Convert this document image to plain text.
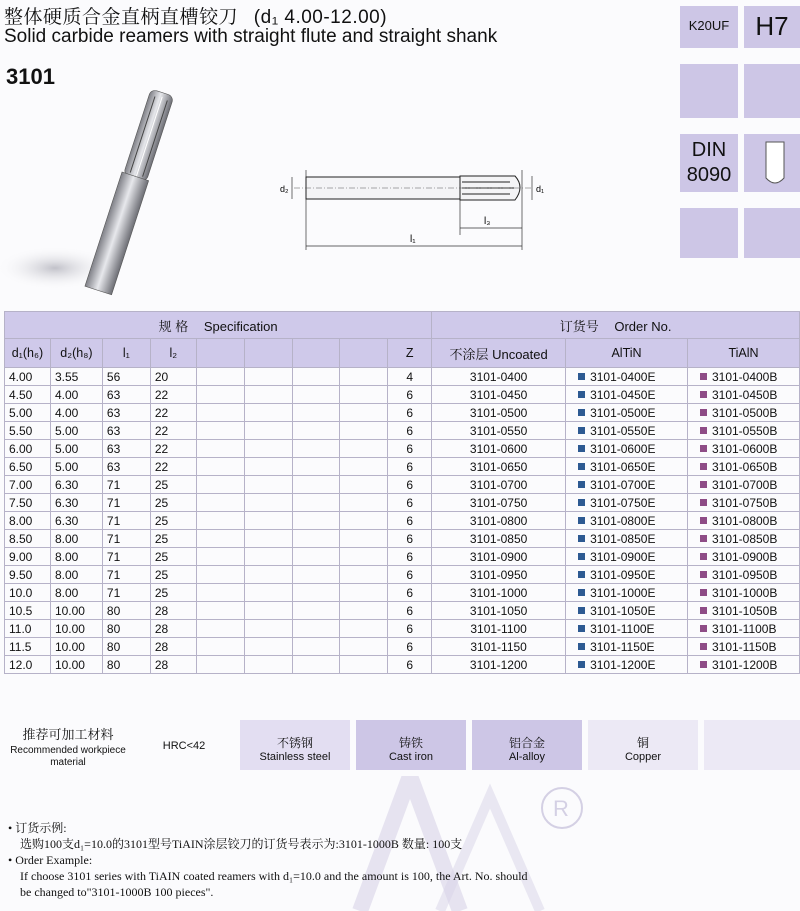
整体硬质合金直柄直槽铰刀 (d₁ 4.00-12.00)
Solid carbide reamers with straight flute and straight shank
3101
K20UF	H7
DIN
8090
d₂	d₁
l₃
l₁
规 格 Specification									订货号 Order No.		
d₁(h₆)	d₂(h₈)	l₁	l₂					Z	不涂层 Uncoated	AlTiN	TiAlN
4.00	3.55	56	20					4	3101-0400	3101-0400E	3101-0400B
4.50	4.00	63	22					6	3101-0450	3101-0450E	3101-0450B
5.00	4.00	63	22					6	3101-0500	3101-0500E	3101-0500B
5.50	5.00	63	22					6	3101-0550	3101-0550E	3101-0550B
6.00	5.00	63	22					6	3101-0600	3101-0600E	3101-0600B
6.50	5.00	63	22					6	3101-0650	3101-0650E	3101-0650B
7.00	6.30	71	25					6	3101-0700	3101-0700E	3101-0700B
7.50	6.30	71	25					6	3101-0750	3101-0750E	3101-0750B
8.00	6.30	71	25					6	3101-0800	3101-0800E	3101-0800B
8.50	8.00	71	25					6	3101-0850	3101-0850E	3101-0850B
9.00	8.00	71	25					6	3101-0900	3101-0900E	3101-0900B
9.50	8.00	71	25					6	3101-0950	3101-0950E	3101-0950B
10.0	8.00	71	25					6	3101-1000	3101-1000E	3101-1000B
10.5	10.00	80	28					6	3101-1050	3101-1050E	3101-1050B
11.0	10.00	80	28					6	3101-1100	3101-1100E	3101-1100B
11.5	10.00	80	28					6	3101-1150	3101-1150E	3101-1150B
12.0	10.00	80	28					6	3101-1200	3101-1200E	3101-1200B
推荐可加工材料
Recommended workpiece material
HRC<42	不锈钢
Stainless steel
铸铁
Cast iron
铝合金
Al-alloy
铜
Copper
R
• 订货示例:
选购100支d₁=10.0的3101型号TiAIN涂层铰刀的订货号表示为:3101-1000B 数量: 100支
• Order Example:
If choose 3101 series with TiAIN coated reamers with d₁=10.0 and the amount is 100, the Art. No. should
be changed to"3101-1000B 100 pieces".
